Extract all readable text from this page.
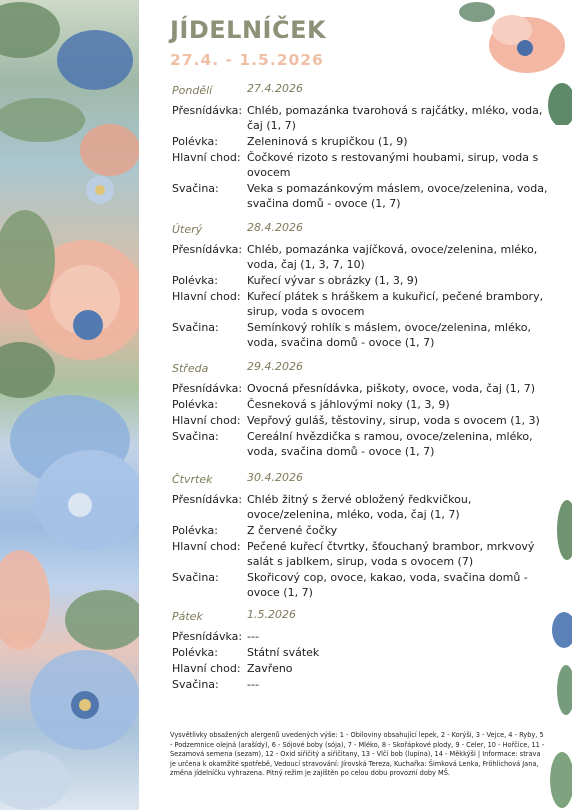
JÍDELNÍČEK
27.4. - 1.5.2026
Pondělí	27.4.2026
Přesnídávka: Chléb, pomazánka tvarohová s rajčátky, mléko, voda, čaj (1, 7)
Polévka:	Zeleninová s krupičkou (1, 9)
Hlavní chod: Čočkové rizoto s restovanými houbami, sirup, voda s ovocem
Svačina:	Veka s pomazánkovým máslem, ovoce/zelenina, voda, svačina domů - ovoce (1, 7)
Úterý	28.4.2026
Přesnídávka: Chléb, pomazánka vajíčková, ovoce/zelenina, mléko, voda, čaj (1, 3, 7, 10)
Polévka:	Kuřecí vývar s obrázky (1, 3, 9)
Hlavní chod: Kuřecí plátek s hráškem a kukuřicí, pečené brambory, sirup, voda s ovocem
Svačina:	Semínkový rohlík s máslem, ovoce/zelenina, mléko, voda, svačina domů - ovoce (1, 7)
Středa	29.4.2026
Přesnídávka: Ovocná přesnídávka, piškoty, ovoce, voda, čaj (1, 7)
Polévka:	Česneková s jáhlovými noky (1, 3, 9)
Hlavní chod: Vepřový guláš, těstoviny, sirup, voda s ovocem (1, 3)
Svačina:	Cereální hvězdička s ramou, ovoce/zelenina, mléko, voda, svačina domů - ovoce (1, 7)
Čtvrtek	30.4.2026
Přesnídávka: Chléb žitný s žervé obložený ředkvičkou, ovoce/zelenina, mléko, voda, čaj (1, 7)
Polévka:	Z červené čočky
Hlavní chod: Pečené kuřecí čtvrtky, šťouchaný brambor, mrkvový salát s jablkem, sirup, voda s ovocem (7)
Svačina:	Skořicový cop, ovoce, kakao, voda, svačina domů - ovoce (1, 7)
Pátek	1.5.2026
Přesnídávka: ---
Polévka:	Státní svátek
Hlavní chod: Zavřeno
Svačina:	---
Vysvětlivky obsažených alergenů uvedených výše: 1 - Obiloviny obsahující lepek, 2 - Korýši, 3 - Vejce, 4 - Ryby, 5 - Podzemnice olejná (arašídy), 6 - Sójové boby (sója), 7 - Mléko, 8 - Skořápkové plody, 9 - Celer, 10 - Hořčice, 11 - Sezamová semena (sezam), 12 - Oxid siřičitý a siřičitany, 13 - Vlčí bob (lupina), 14 - Měkkýši | Informace: strava je určena k okamžité spotřebě, Vedoucí stravování: Jírovská Tereza, Kuchařka: Šimková Lenka, Fröhlichová Jana, změna jídelníčku vyhrazena. Pitný režim je zajištěn po celou dobu provozní doby MŠ.
